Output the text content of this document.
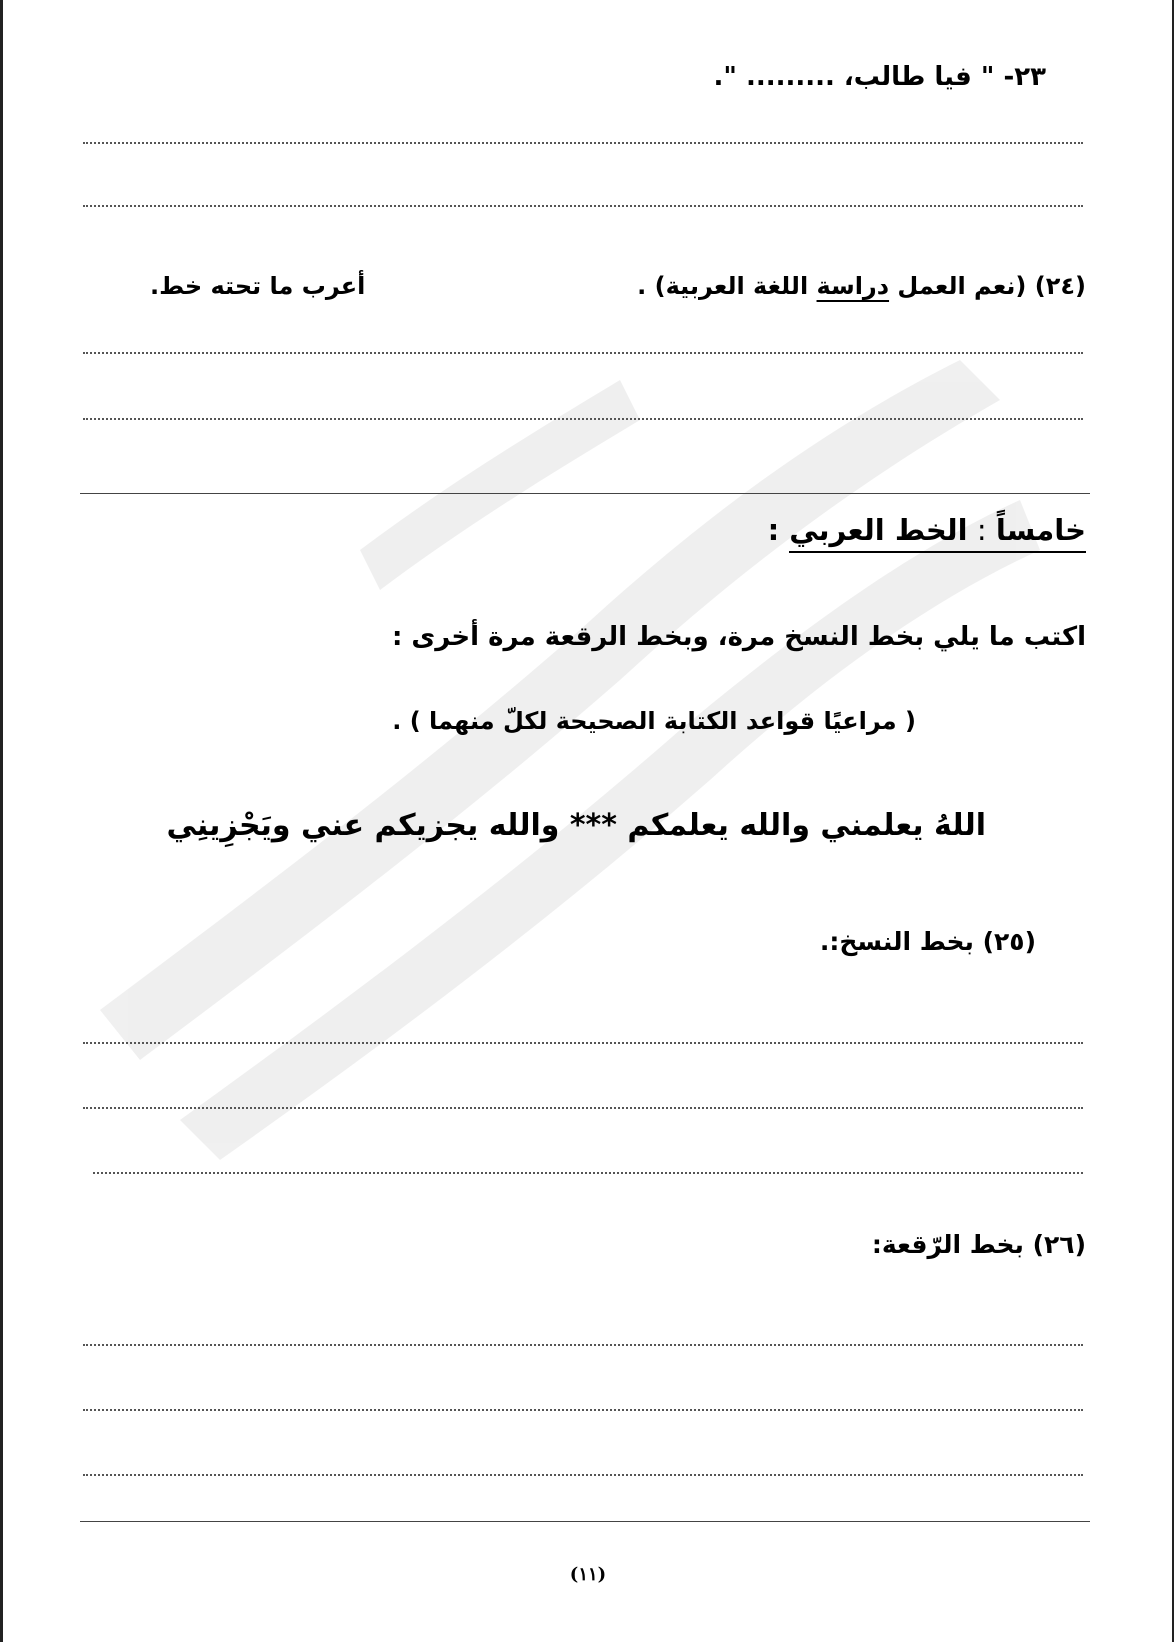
٢٣- " فيا طالب، ......... ".
(٢٤) (نعم العمل دراسة اللغة العربية) .
أعرب ما تحته خط.
خامساً : الخط العربي :
اكتب ما يلي بخط النسخ مرة، وبخط الرقعة مرة أخرى :
( مراعيًا قواعد الكتابة الصحيحة لكلّ منهما ) .
اللهُ يعلمني والله يعلمكم *** والله يجزيكم عني ويَجْزِينِي
(٢٥) بخط النسخ:.
(٢٦) بخط الرّقعة:
(١١)
